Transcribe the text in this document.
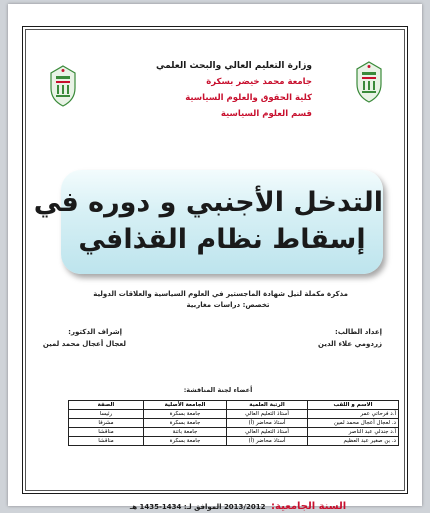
وزارة التعليم العالي والبحث العلمي
جامعة محمد خيضر بسكرة
كلية الحقوق والعلوم السياسية
قسم العلوم السياسية
التدخل الأجنبي و دوره في
إسقاط نظام القذافي
مذكرة مكملة لنيل شهادة الماجستير في العلوم السياسية والعلاقات الدولية
تخصص: دراسات مغاربية
إعداد الطالب:
زردومي علاء الدين
إشراف الدكتور:
لعجال أعجال محمد لمين
أعضاء لجنة المناقشة:
الاسم و اللقب	الرتبة العلمية	الجامعة الأصلية	الصفة
أ.د فرحاتي عمر	أستاذ التعليم العالي	جامعة بسكرة	رئيسا
د. لعجال أعجال محمد لمين	أستاذ محاضر (أ)	جامعة بسكرة	مشرفا
أ.د جندلي عبد الناصر	أستاذ التعليم العالي	جامعة باتنة	مناقشا
د. بن صغير عبد العظيم	أستاذ محاضر (أ)	جامعة بسكرة	مناقشا
السنة الجامعية: 2013/2012 الموافق لـ: 1434-1435 هـ
